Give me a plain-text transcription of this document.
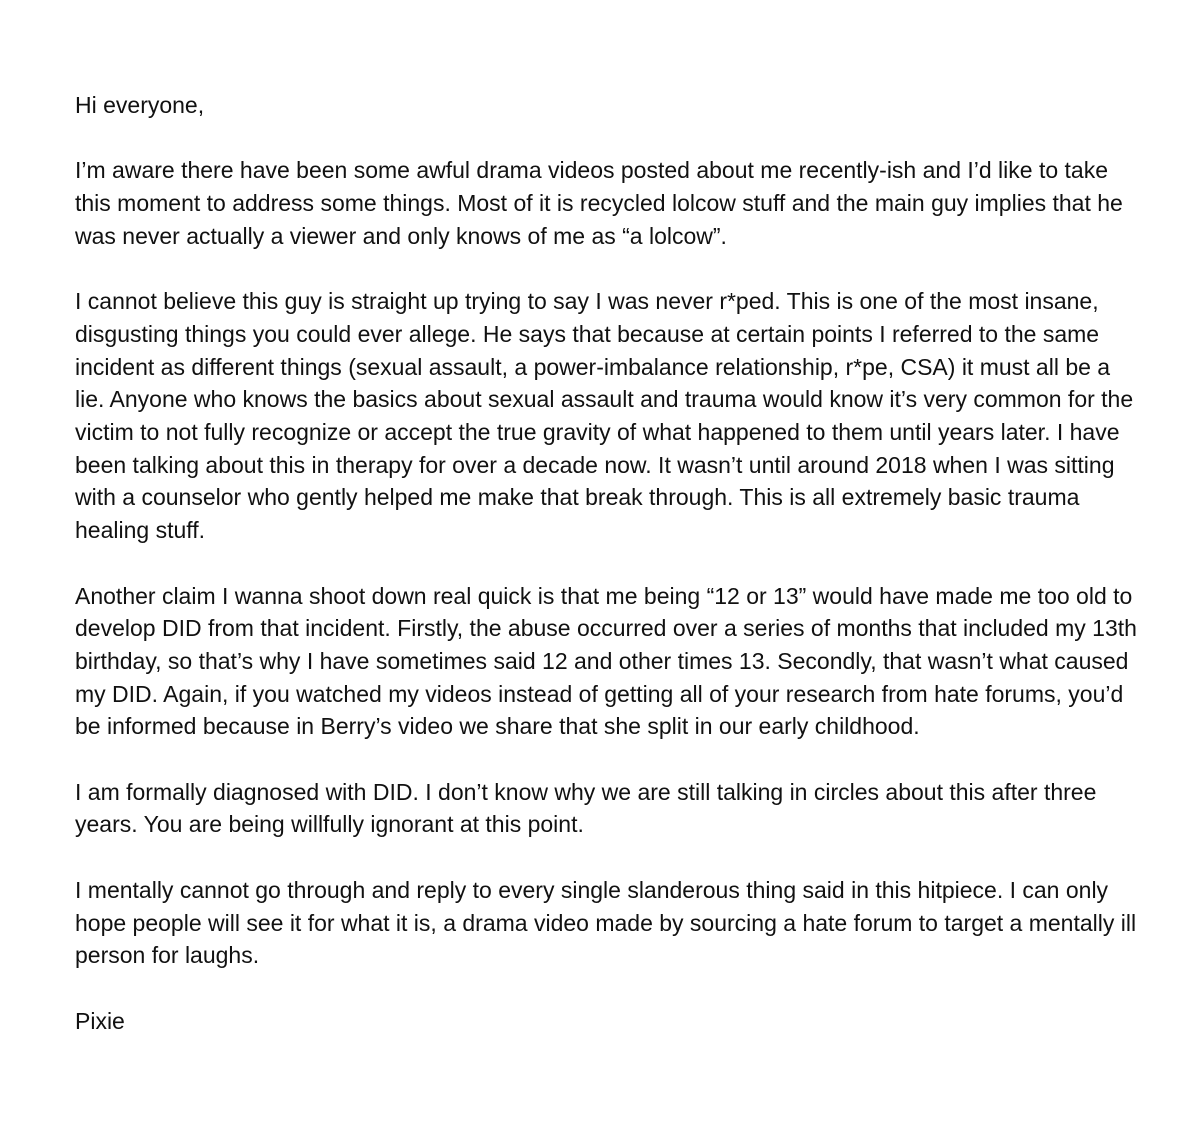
Hi everyone,

I’m aware there have been some awful drama videos posted about me recently-ish and I’d like to take this moment to address some things. Most of it is recycled lolcow stuff and the main guy implies that he was never actually a viewer and only knows of me as “a lolcow”.

I cannot believe this guy is straight up trying to say I was never r*ped. This is one of the most insane, disgusting things you could ever allege. He says that because at certain points I referred to the same incident as different things (sexual assault, a power-imbalance relationship, r*pe, CSA) it must all be a lie. Anyone who knows the basics about sexual assault and trauma would know it’s very common for the victim to not fully recognize or accept the true gravity of what happened to them until years later. I have been talking about this in therapy for over a decade now. It wasn’t until around 2018 when I was sitting with a counselor who gently helped me make that break through. This is all extremely basic trauma healing stuff.

Another claim I wanna shoot down real quick is that me being “12 or 13” would have made me too old to develop DID from that incident. Firstly, the abuse occurred over a series of months that included my 13th birthday, so that’s why I have sometimes said 12 and other times 13. Secondly, that wasn’t what caused my DID. Again, if you watched my videos instead of getting all of your research from hate forums, you’d be informed because in Berry’s video we share that she split in our early childhood.

I am formally diagnosed with DID. I don’t know why we are still talking in circles about this after three years. You are being willfully ignorant at this point.

I mentally cannot go through and reply to every single slanderous thing said in this hitpiece. I can only hope people will see it for what it is, a drama video made by sourcing a hate forum to target a mentally ill person for laughs.

Pixie
